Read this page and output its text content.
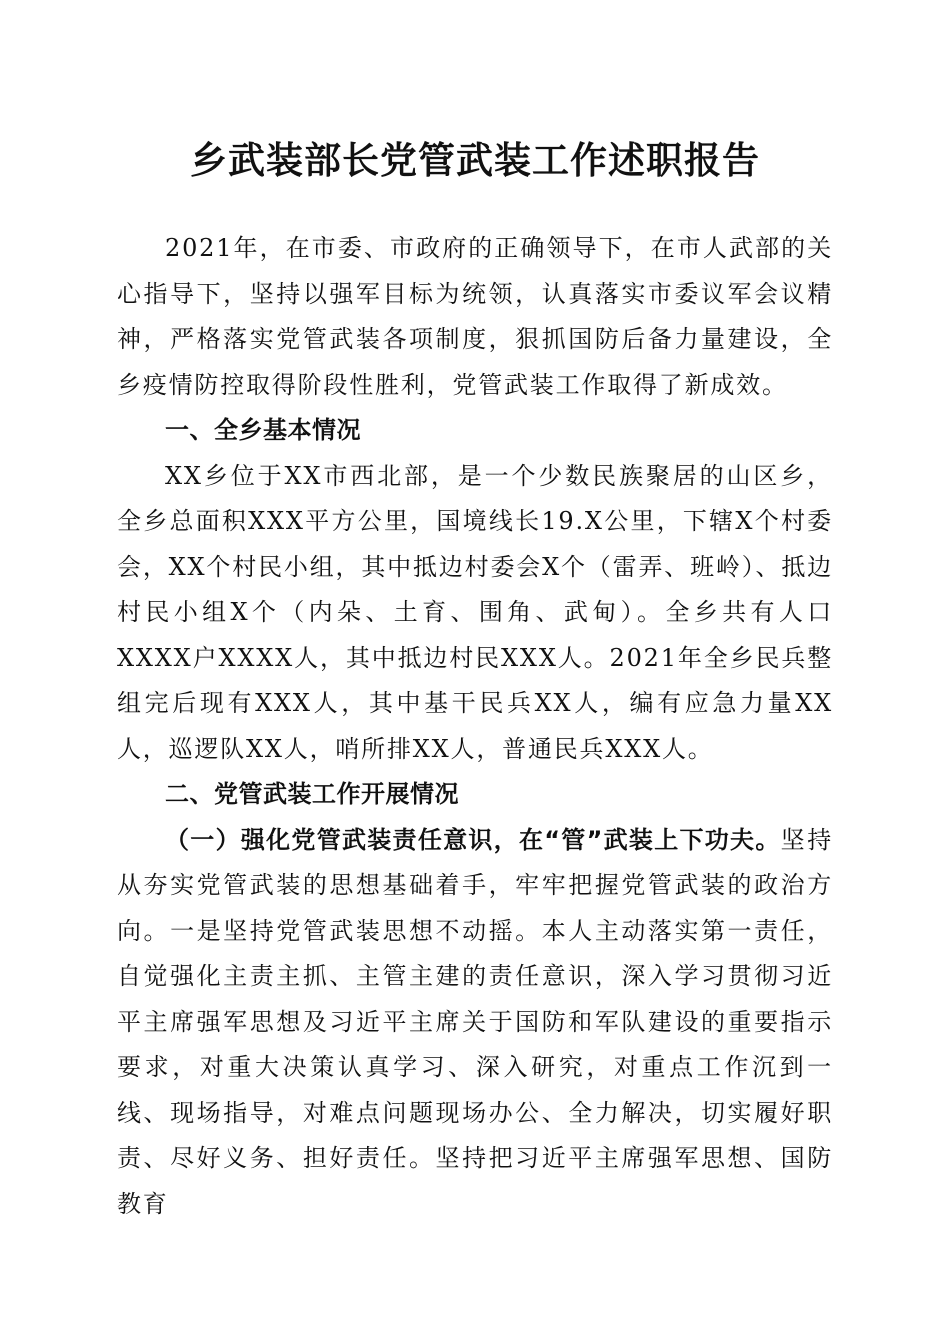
乡武装部长党管武装工作述职报告

2021年，在市委、市政府的正确领导下，在市人武部的关心指导下，坚持以强军目标为统领，认真落实市委议军会议精神，严格落实党管武装各项制度，狠抓国防后备力量建设，全乡疫情防控取得阶段性胜利，党管武装工作取得了新成效。

一、全乡基本情况

XX乡位于XX市西北部，是一个少数民族聚居的山区乡，全乡总面积XXX平方公里，国境线长19.X公里，下辖X个村委会，XX个村民小组，其中抵边村委会X个（雷弄、班岭）、抵边村民小组X个（内朵、土育、围角、武甸）。全乡共有人口XXXX户XXXX人，其中抵边村民XXX人。2021年全乡民兵整组完后现有XXX人，其中基干民兵XX人，编有应急力量XX人，巡逻队XX人，哨所排XX人，普通民兵XXX人。

二、党管武装工作开展情况

（一）强化党管武装责任意识，在“管”武装上下功夫。坚持从夯实党管武装的思想基础着手，牢牢把握党管武装的政治方向。一是坚持党管武装思想不动摇。本人主动落实第一责任，自觉强化主责主抓、主管主建的责任意识，深入学习贯彻习近平主席强军思想及习近平主席关于国防和军队建设的重要指示要求，对重大决策认真学习、深入研究，对重点工作沉到一线、现场指导，对难点问题现场办公、全力解决，切实履好职责、尽好义务、担好责任。坚持把习近平主席强军思想、国防教育
